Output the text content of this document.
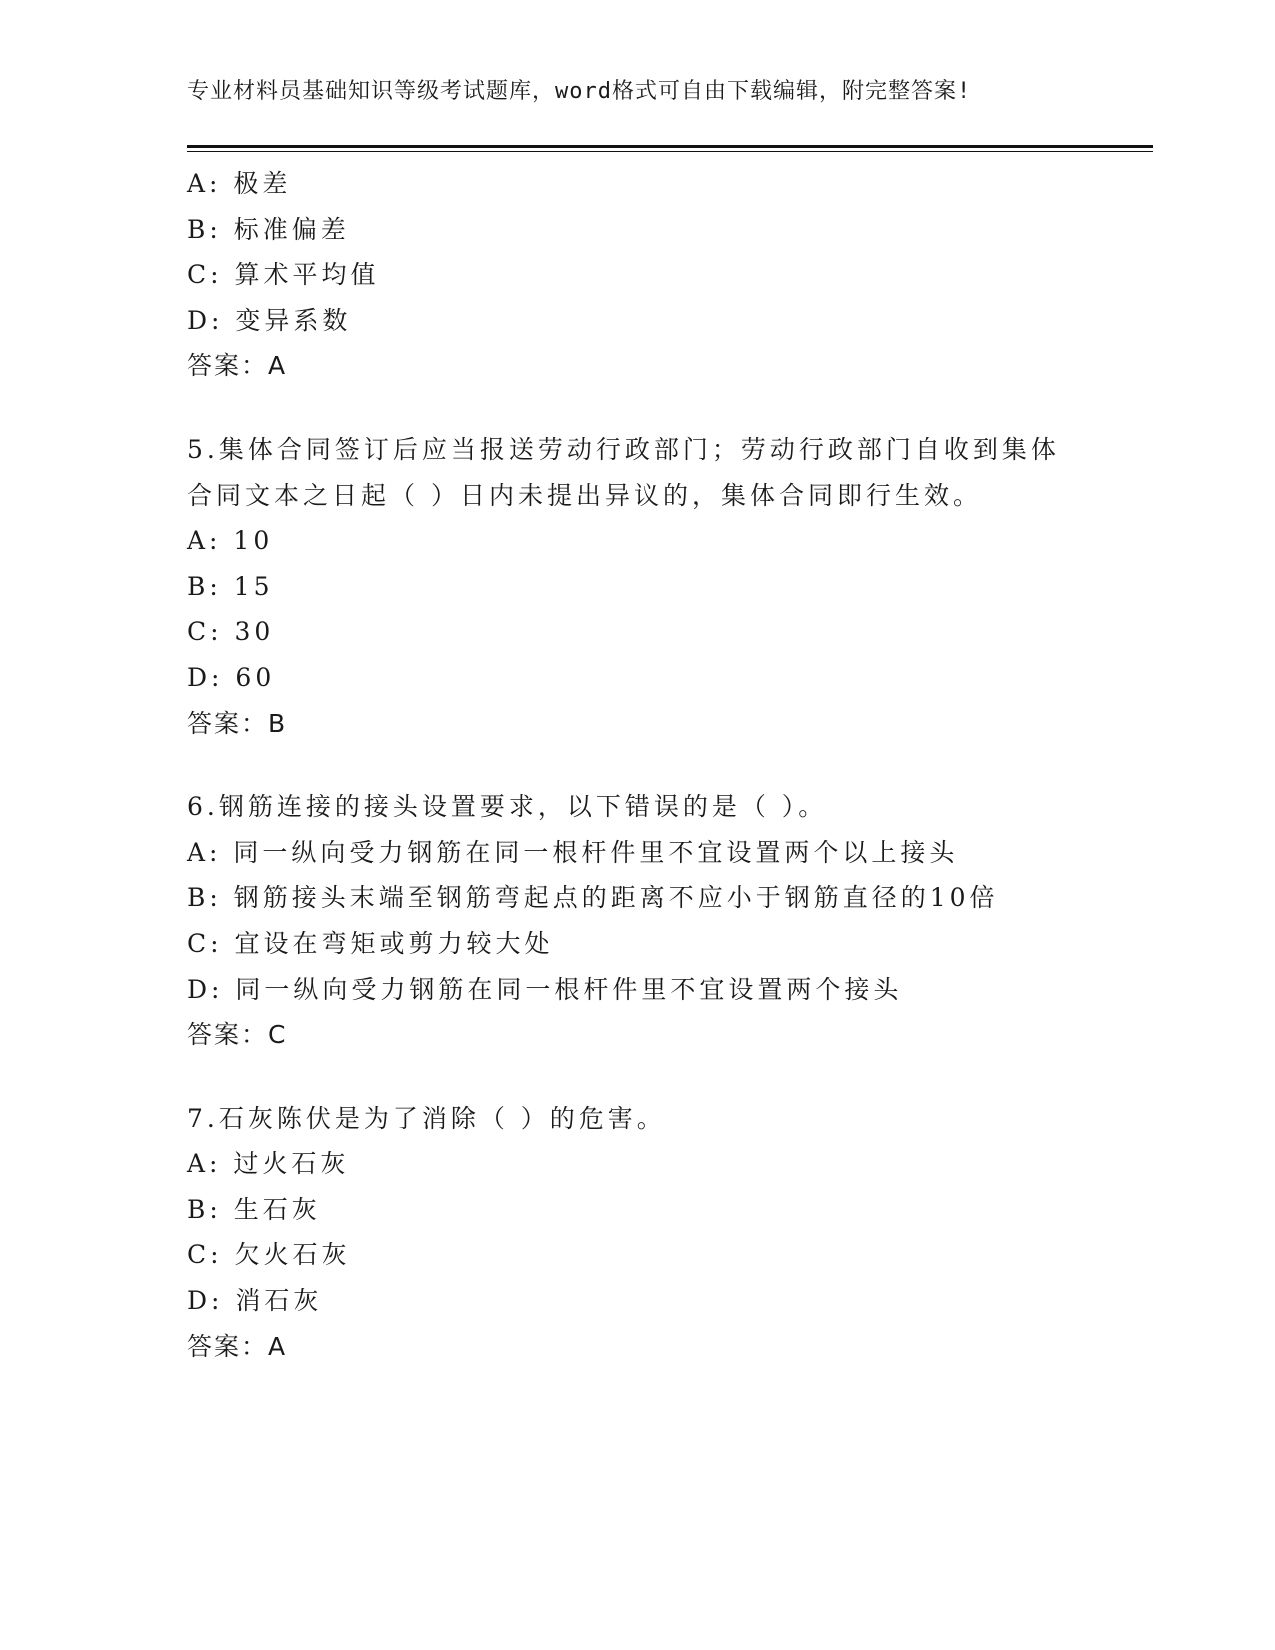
专业材料员基础知识等级考试题库，word格式可自由下载编辑，附完整答案!
A: 极差
B: 标准偏差
C: 算术平均值
D: 变异系数
答案：A
5.集体合同签订后应当报送劳动行政部门；劳动行政部门自收到集体
合同文本之日起（ ）日内未提出异议的，集体合同即行生效。
A: 10
B: 15
C: 30
D: 60
答案：B
6.钢筋连接的接头设置要求，以下错误的是（ ）。
A: 同一纵向受力钢筋在同一根杆件里不宜设置两个以上接头
B: 钢筋接头末端至钢筋弯起点的距离不应小于钢筋直径的10倍
C: 宜设在弯矩或剪力较大处
D: 同一纵向受力钢筋在同一根杆件里不宜设置两个接头
答案：C
7.石灰陈伏是为了消除（ ）的危害。
A: 过火石灰
B: 生石灰
C: 欠火石灰
D: 消石灰
答案：A
